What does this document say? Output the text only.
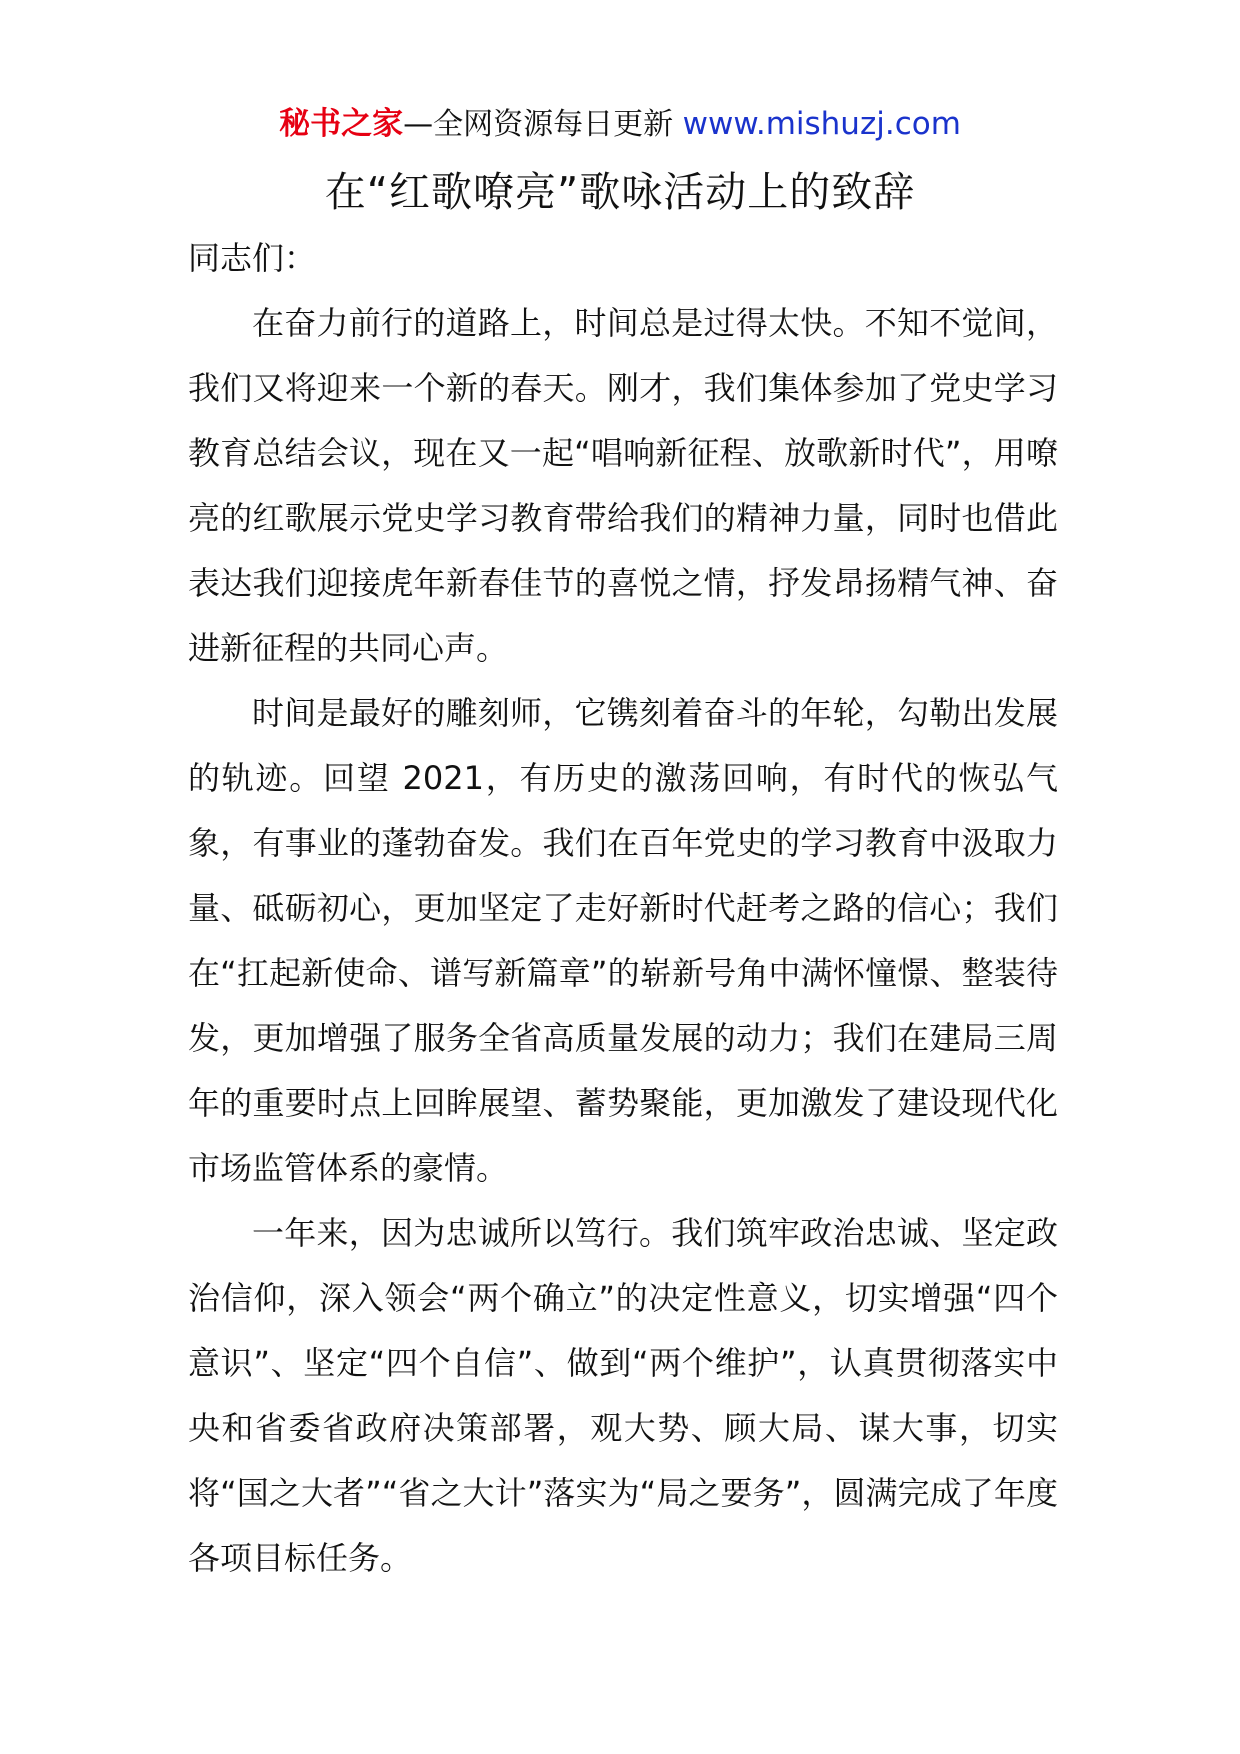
秘书之家—全网资源每日更新 www.mishuzj.com
在“红歌嘹亮”歌咏活动上的致辞

同志们：

在奋力前行的道路上，时间总是过得太快。不知不觉间，我们又将迎来一个新的春天。刚才，我们集体参加了党史学习教育总结会议，现在又一起“唱响新征程、放歌新时代”，用嘹亮的红歌展示党史学习教育带给我们的精神力量，同时也借此表达我们迎接虎年新春佳节的喜悦之情，抒发昂扬精气神、奋进新征程的共同心声。

时间是最好的雕刻师，它镌刻着奋斗的年轮，勾勒出发展的轨迹。回望 2021，有历史的激荡回响，有时代的恢弘气象，有事业的蓬勃奋发。我们在百年党史的学习教育中汲取力量、砥砺初心，更加坚定了走好新时代赶考之路的信心；我们在“扛起新使命、谱写新篇章”的崭新号角中满怀憧憬、整装待发，更加增强了服务全省高质量发展的动力；我们在建局三周年的重要时点上回眸展望、蓄势聚能，更加激发了建设现代化市场监管体系的豪情。

一年来，因为忠诚所以笃行。我们筑牢政治忠诚、坚定政治信仰，深入领会“两个确立”的决定性意义，切实增强“四个意识”、坚定“四个自信”、做到“两个维护”，认真贯彻落实中央和省委省政府决策部署，观大势、顾大局、谋大事，切实将“国之大者”“省之大计”落实为“局之要务”，圆满完成了年度各项目标任务。
